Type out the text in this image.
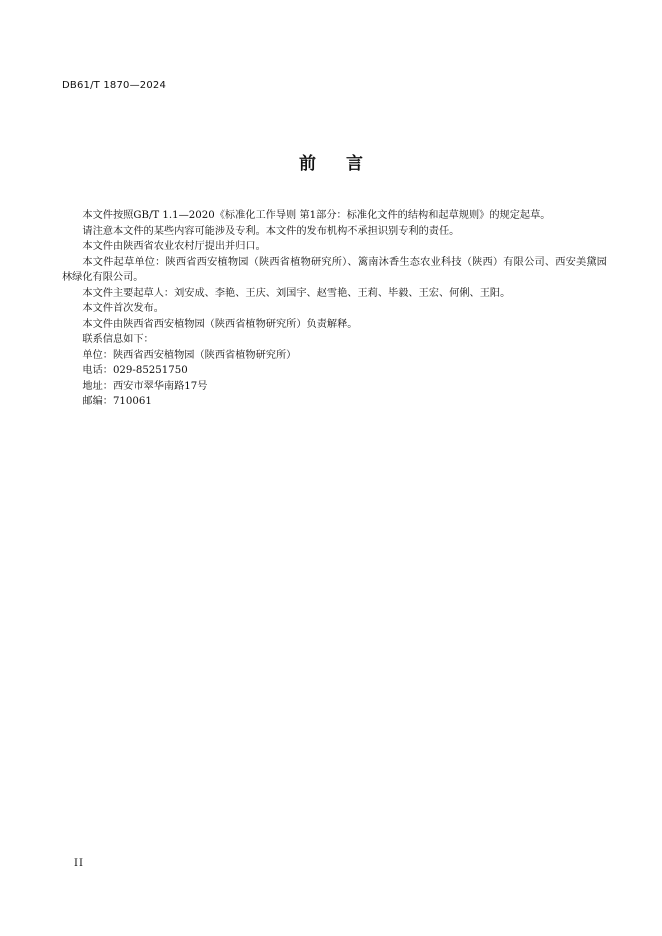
DB61/T 1870—2024
前言

本文件按照GB/T 1.1—2020《标准化工作导则 第1部分：标准化文件的结构和起草规则》的规定起草。

请注意本文件的某些内容可能涉及专利。本文件的发布机构不承担识别专利的责任。

本文件由陕西省农业农村厅提出并归口。

本文件起草单位：陕西省西安植物园（陕西省植物研究所）、篱南沐香生态农业科技（陕西）有限公司、西安美黛园林绿化有限公司。

本文件主要起草人：刘安成、李艳、王庆、刘国宇、赵雪艳、王莉、毕毅、王宏、何俐、王阳。

本文件首次发布。

本文件由陕西省西安植物园（陕西省植物研究所）负责解释。

联系信息如下：

单位：陕西省西安植物园（陕西省植物研究所）

电话：029-85251750

地址：西安市翠华南路17号

邮编：710061

II
